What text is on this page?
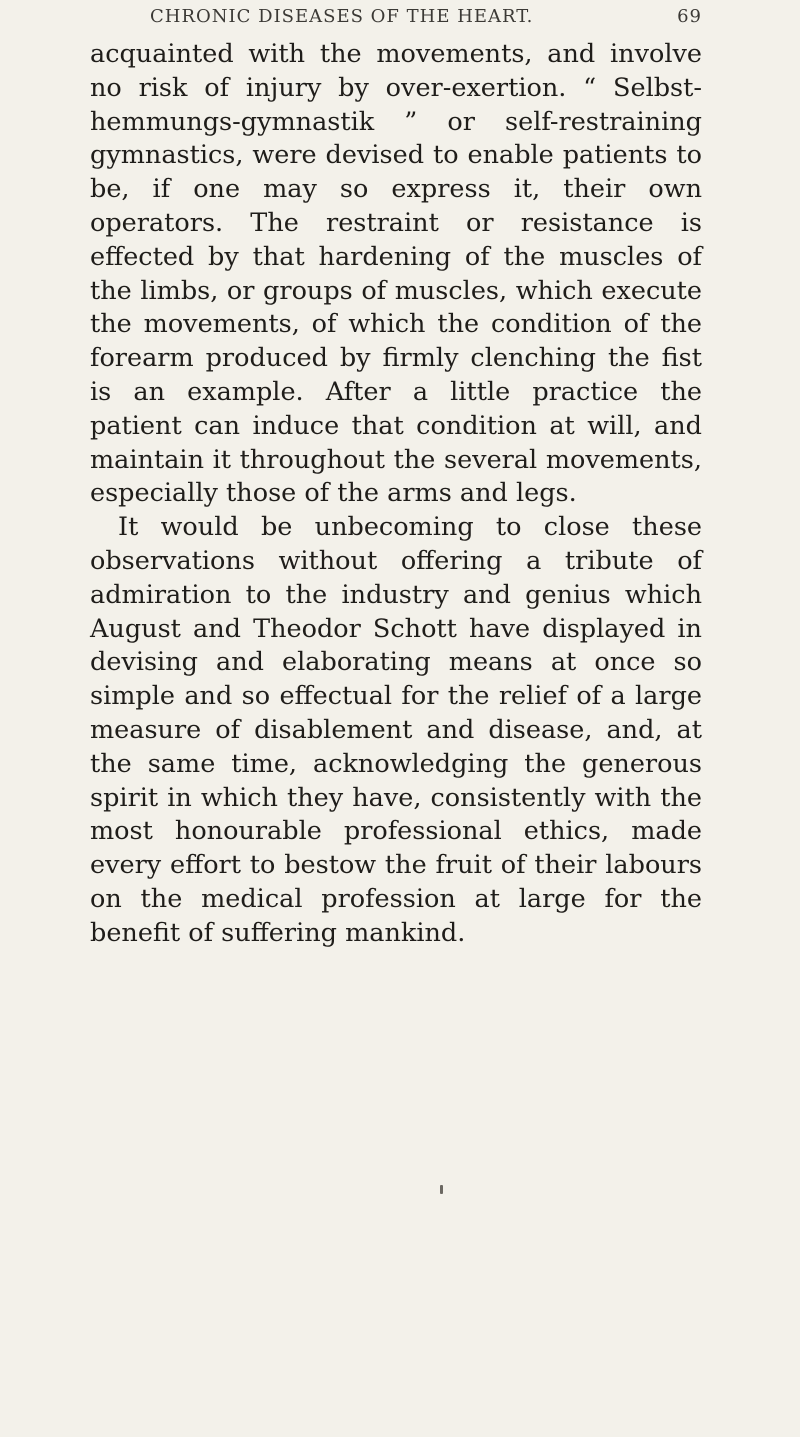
CHRONIC DISEASES OF THE HEART.	69

acquainted with the movements, and involve no risk of injury by over-exertion. “ Selbst-hemmungs-gymnastik ” or self-restraining gymnastics, were devised to enable patients to be, if one may so express it, their own operators. The restraint or resistance is effected by that hardening of the muscles of the limbs, or groups of muscles, which execute the movements, of which the condition of the forearm produced by firmly clenching the fist is an example. After a little practice the patient can induce that condition at will, and maintain it throughout the several movements, especially those of the arms and legs.

It would be unbecoming to close these observations without offering a tribute of admiration to the industry and genius which August and Theodor Schott have displayed in devising and elaborating means at once so simple and so effectual for the relief of a large measure of disablement and disease, and, at the same time, acknowledging the generous spirit in which they have, consistently with the most honourable professional ethics, made every effort to bestow the fruit of their labours on the medical profession at large for the benefit of suffering mankind.
